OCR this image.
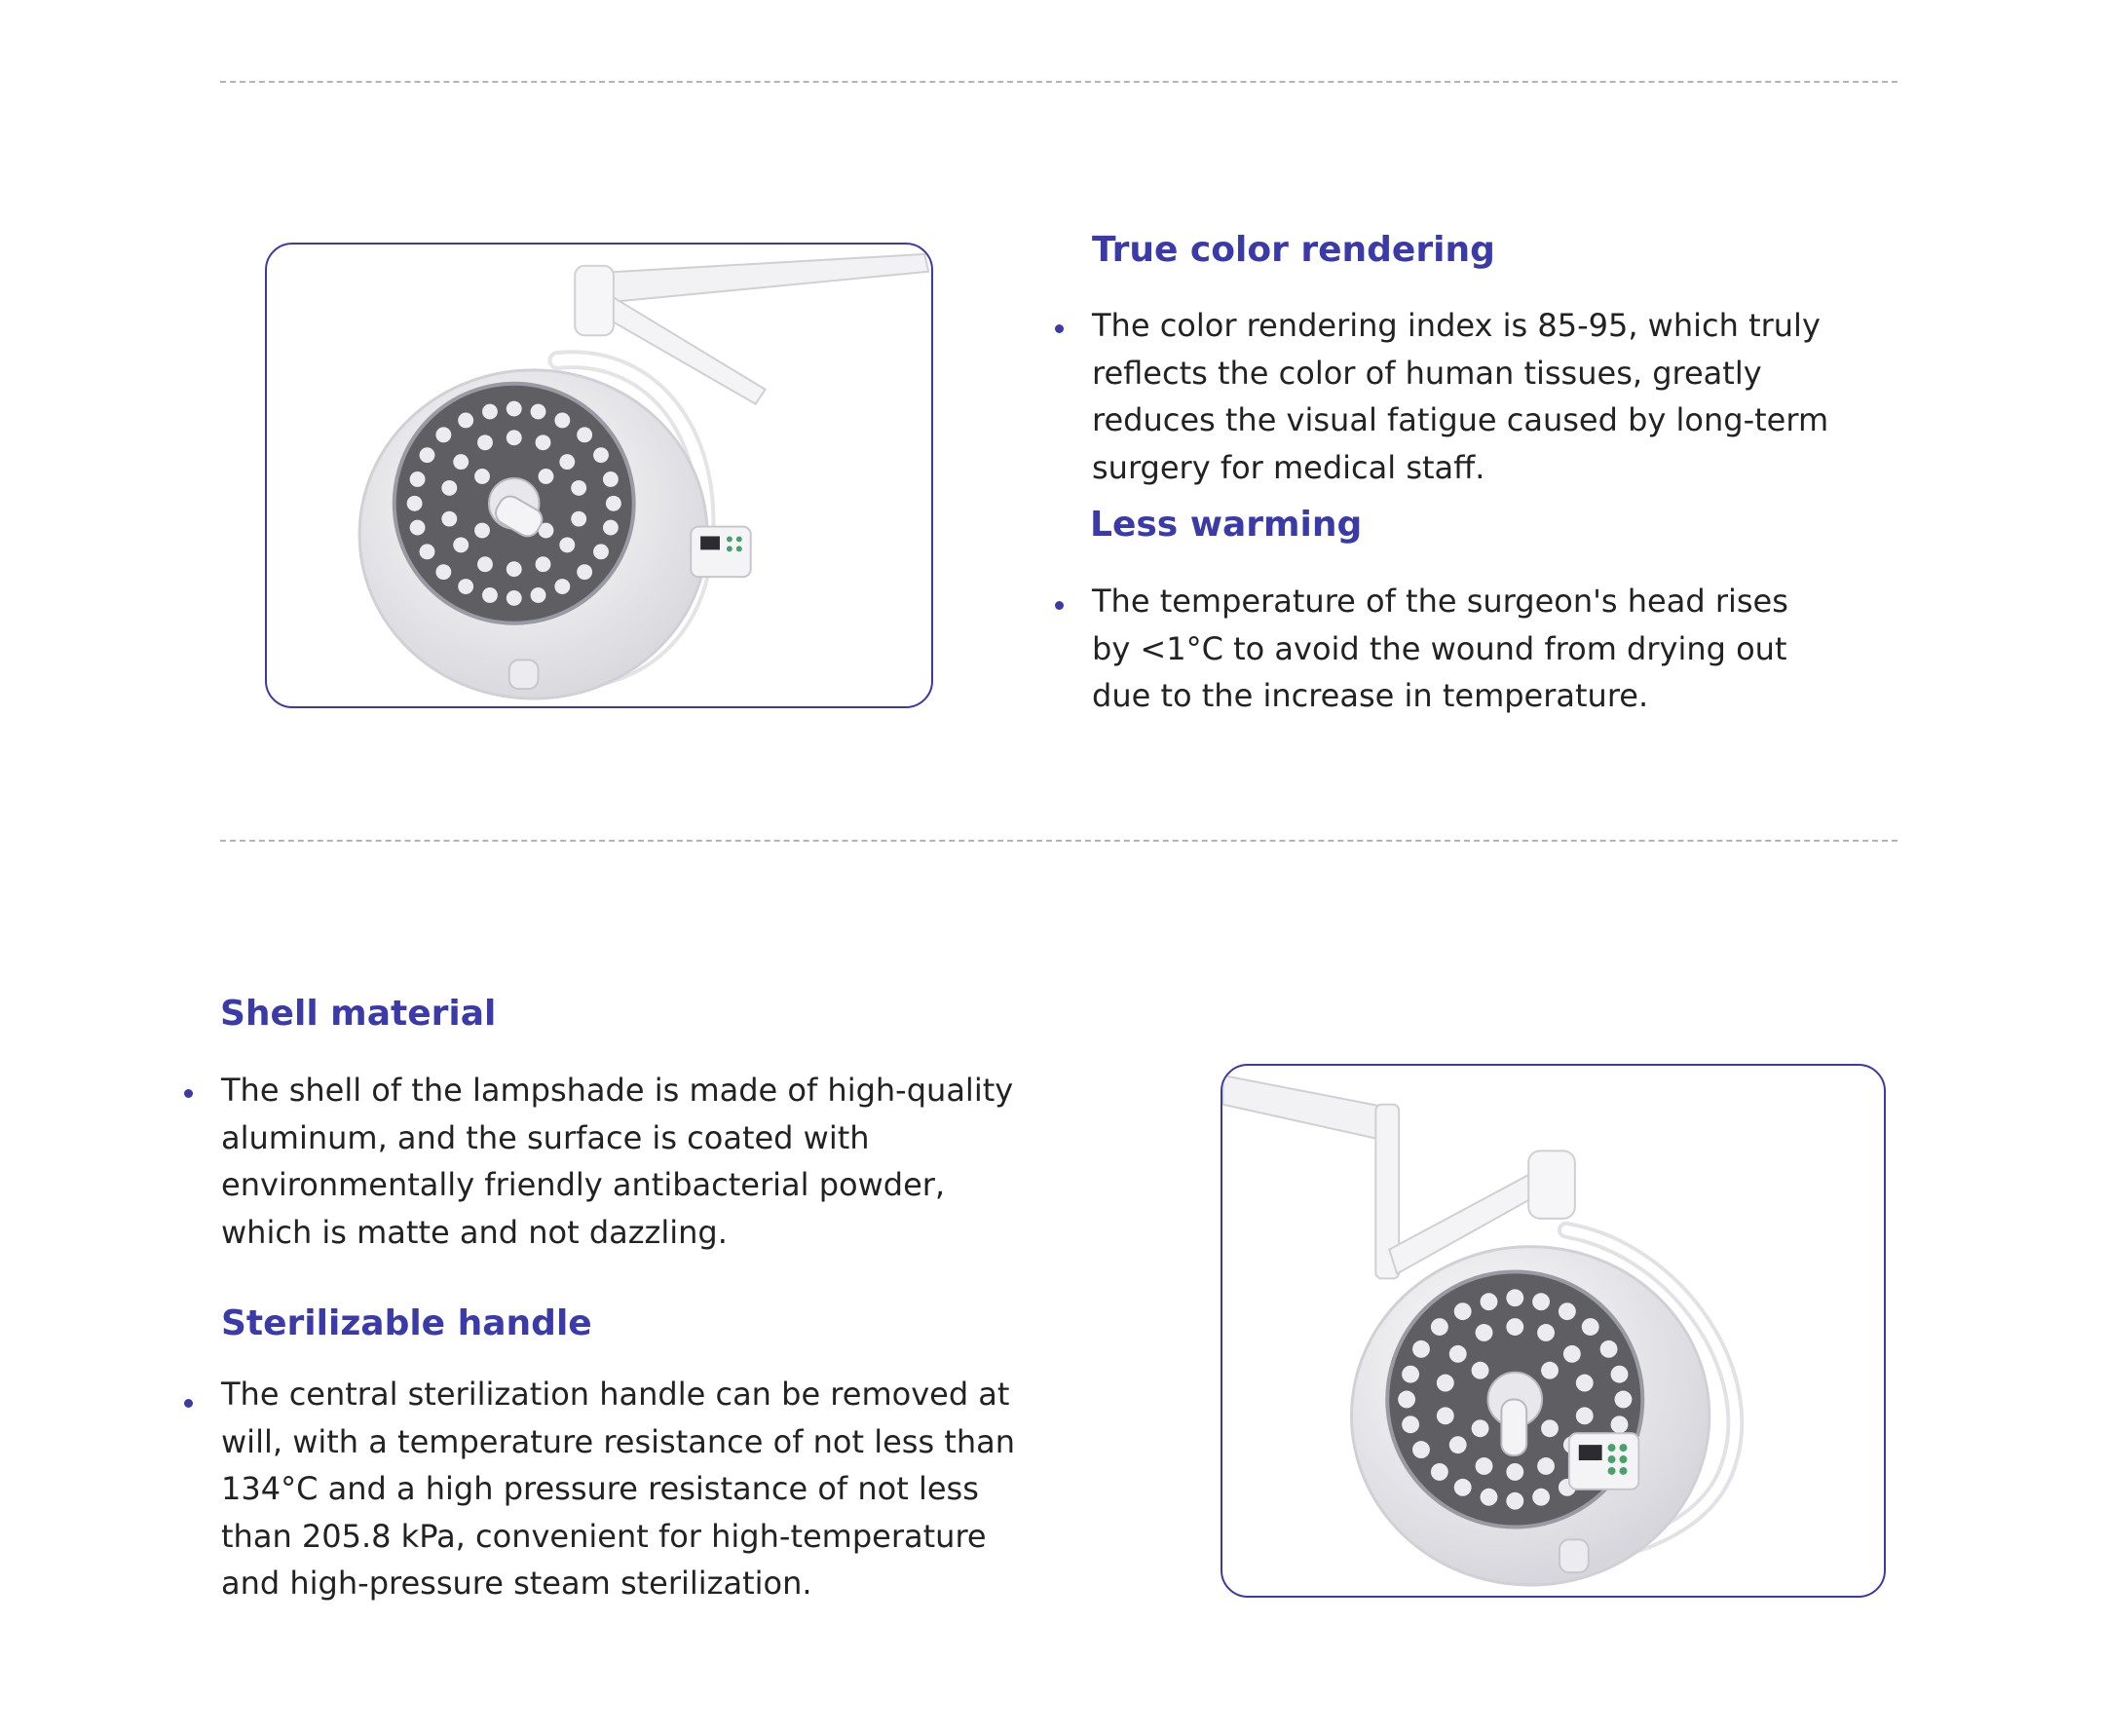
True color rendering

The color rendering index is 85-95, which truly reflects the color of human tissues, greatly reduces the visual fatigue caused by long-term surgery for medical staff.

Less warming

The temperature of the surgeon's head rises by <1°C to avoid the wound from drying out due to the increase in temperature.

Shell material

The shell of the lampshade is made of high-quality aluminum, and the surface is coated with environmentally friendly antibacterial powder, which is matte and not dazzling.

Sterilizable handle

The central sterilization handle can be removed at will, with a temperature resistance of not less than 134°C and a high pressure resistance of not less than 205.8 kPa, convenient for high-temperature and high-pressure steam sterilization.
